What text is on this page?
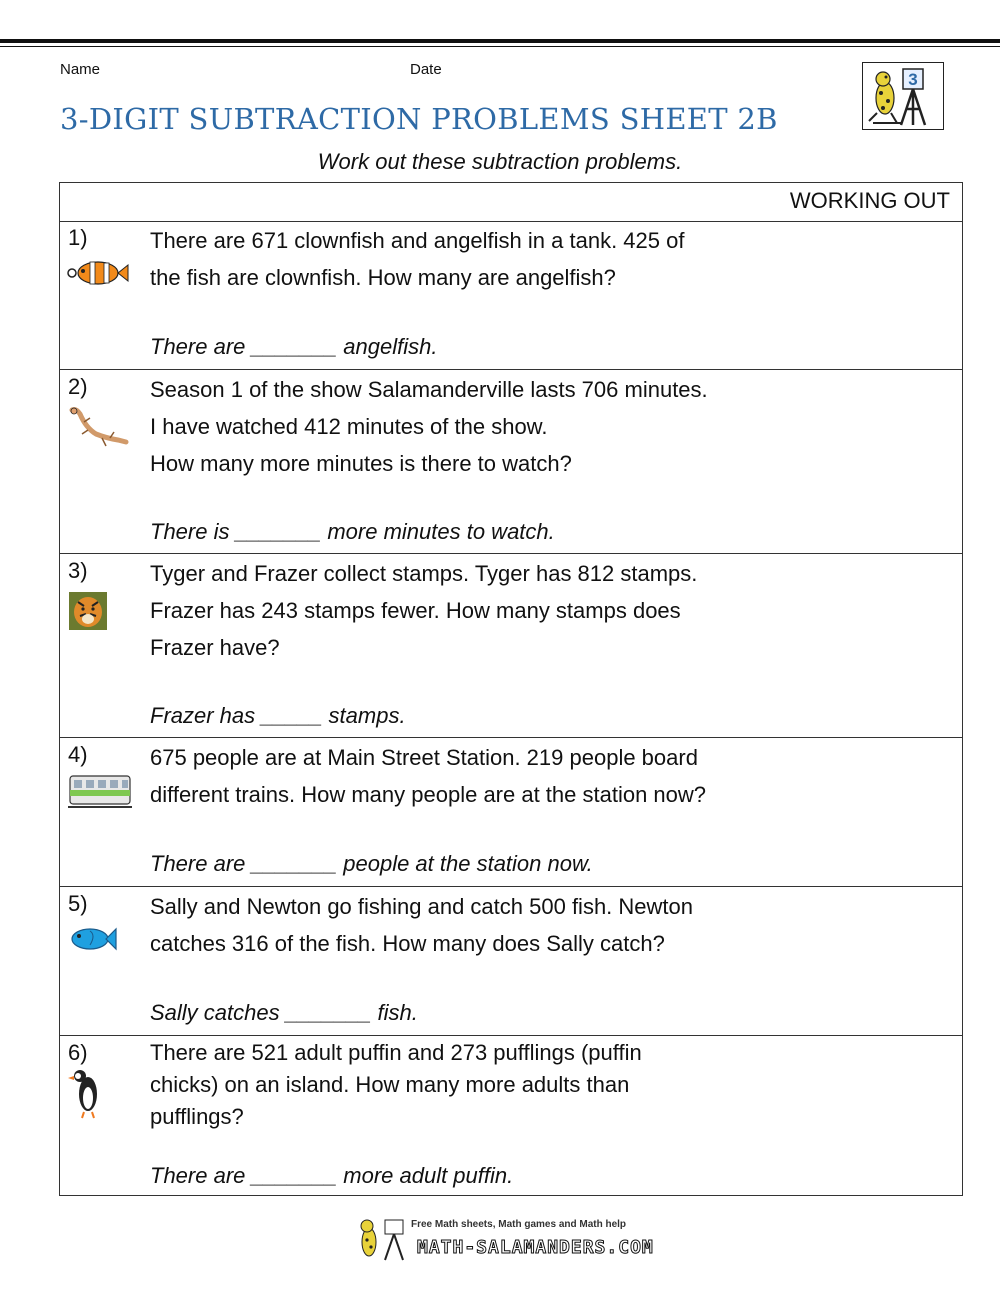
Name	Date
3
3-DIGIT SUBTRACTION PROBLEMS SHEET 2B
Work out these subtraction problems.
WORKING OUT
1)	There are 671 clownfish and angelfish in a tank. 425 of
the fish are clownfish. How many are angelfish?
There are _______ angelfish.
2)	Season 1 of the show Salamanderville lasts 706 minutes.
I have watched 412 minutes of the show.
How many more minutes is there to watch?
There is _______ more minutes to watch.
3)	Tyger and Frazer collect stamps. Tyger has 812 stamps.
Frazer has 243 stamps fewer. How many stamps does
Frazer have?
Frazer has _____ stamps.
4)	675 people are at Main Street Station. 219 people board
different trains. How many people are at the station now?
There are _______ people at the station now.
5)	Sally and Newton go fishing and catch 500 fish. Newton
catches 316 of the fish. How many does Sally catch?
Sally catches _______ fish.
6)	There are 521 adult puffin and 273 pufflings (puffin
chicks) on an island. How many more adults than
pufflings?
There are _______ more adult puffin.
Free Math sheets, Math games and Math help
MATH-SALAMANDERS.COM
